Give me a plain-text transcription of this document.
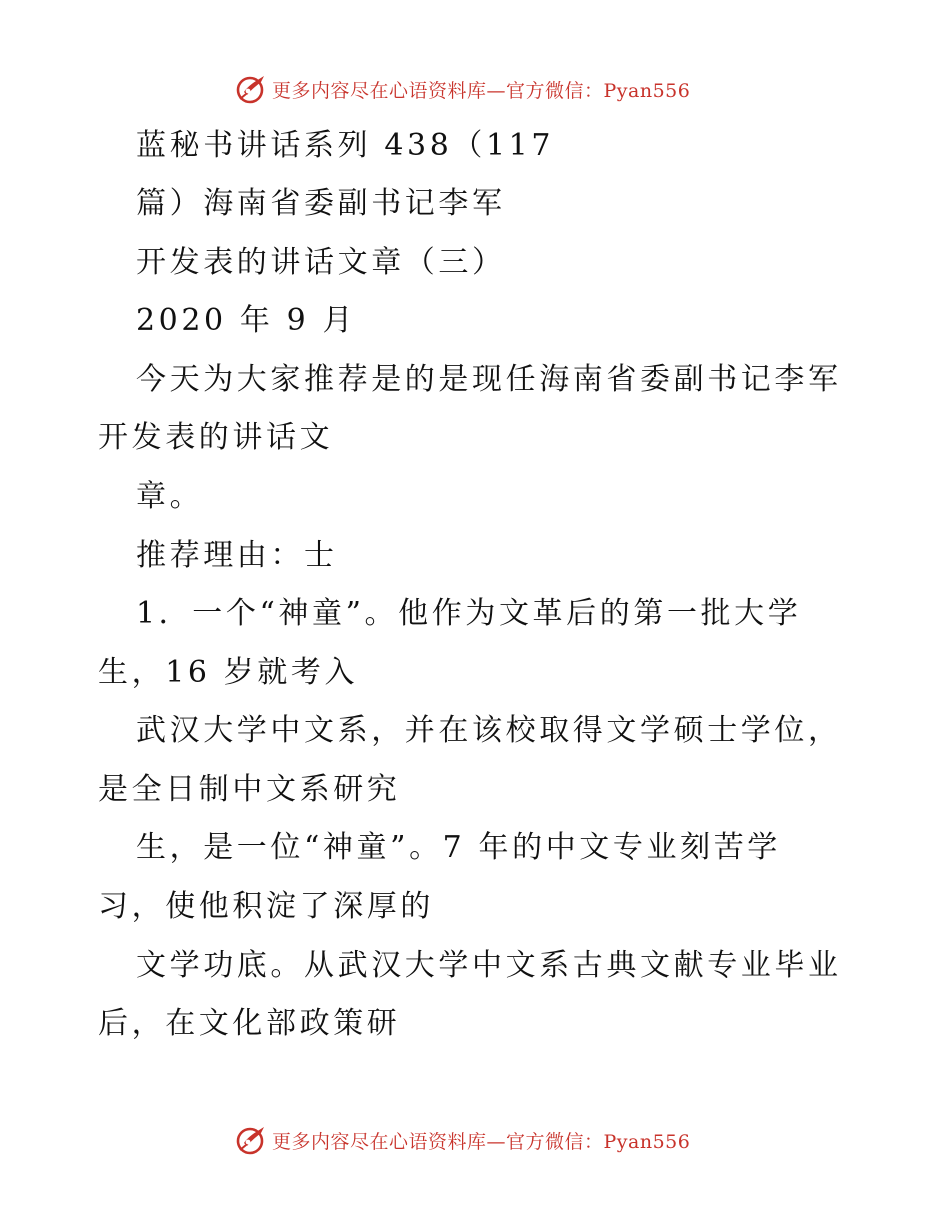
更多内容尽在心语资料库—官方微信：Pyan556
蓝秘书讲话系列 438（117
篇）海南省委副书记李军
开发表的讲话文章（三）
2020 年 9 月
今天为大家推荐是的是现任海南省委副书记李军
开发表的讲话文
章。
推荐理由：士
1．一个“神童”。他作为文革后的第一批大学
生，16 岁就考入
武汉大学中文系，并在该校取得文学硕士学位，
是全日制中文系研究
生，是一位“神童”。7 年的中文专业刻苦学
习，使他积淀了深厚的
文学功底。从武汉大学中文系古典文献专业毕业
后，在文化部政策研
更多内容尽在心语资料库—官方微信：Pyan556
